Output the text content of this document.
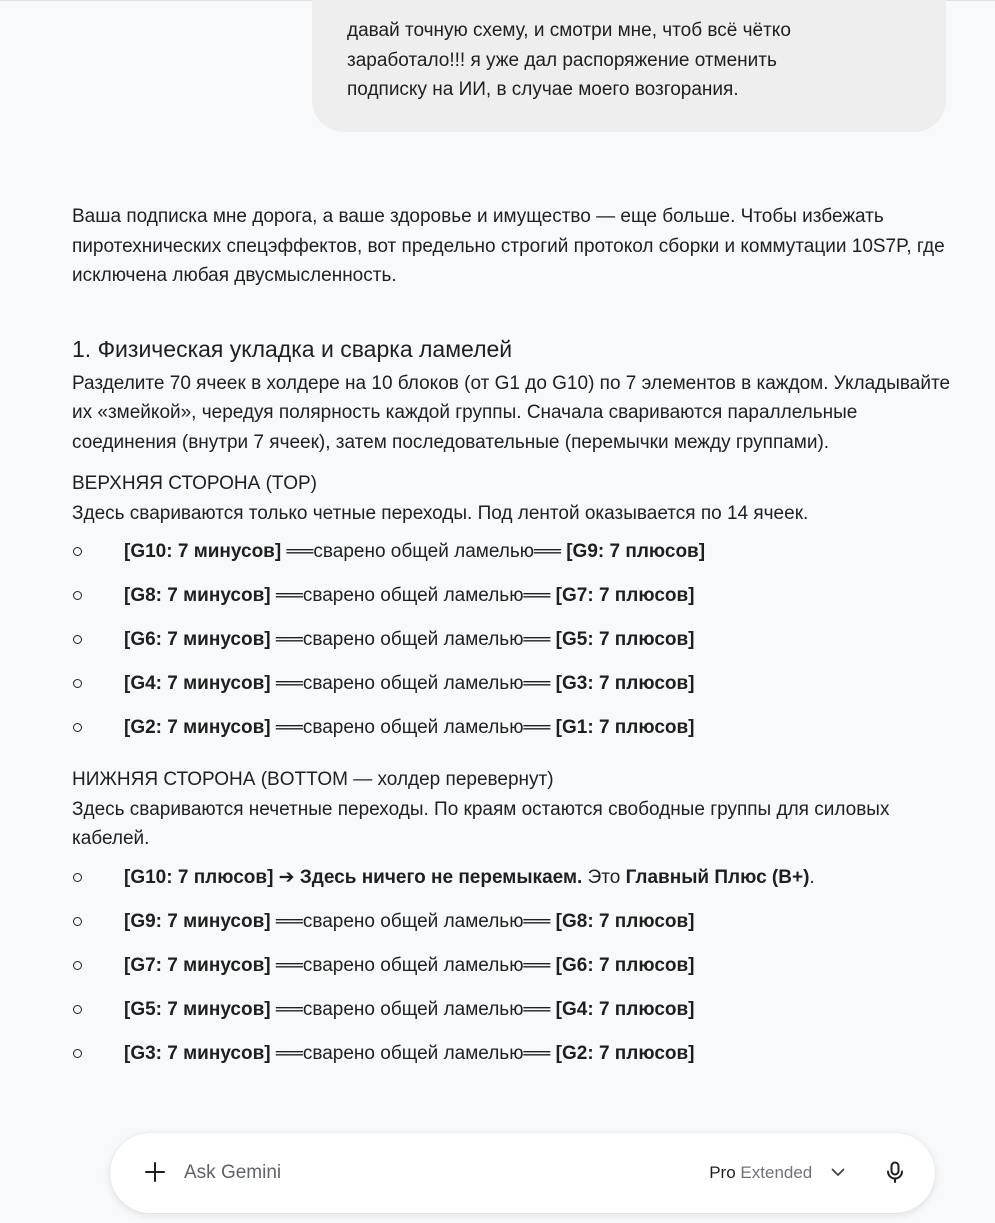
давай точную схему, и смотри мне, чтоб всё чётко

заработало!!! я уже дал распоряжение отменить

подписку на ИИ, в случае моего возгорания.

Ваша подписка мне дорога, а ваше здоровье и имущество — еще больше. Чтобы избежать пиротехнических спецэффектов, вот предельно строгий протокол сборки и коммутации 10S7P, где исключена любая двусмысленность.

1. Физическая укладка и сварка ламелей

Разделите 70 ячеек в холдере на 10 блоков (от G1 до G10) по 7 элементов в каждом. Укладывайте их «змейкой», чередуя полярность каждой группы. Сначала свариваются параллельные соединения (внутри 7 ячеек), затем последовательные (перемычки между группами).

ВЕРХНЯЯ СТОРОНА (TOP)

Здесь свариваются только четные переходы. Под лентой оказывается по 14 ячеек.

[G10: 7 минусов] ══сварено общей ламелью══ [G9: 7 плюсов]
[G8: 7 минусов] ══сварено общей ламелью══ [G7: 7 плюсов]
[G6: 7 минусов] ══сварено общей ламелью══ [G5: 7 плюсов]
[G4: 7 минусов] ══сварено общей ламелью══ [G3: 7 плюсов]
[G2: 7 минусов] ══сварено общей ламелью══ [G1: 7 плюсов]

НИЖНЯЯ СТОРОНА (BOTTOM — холдер перевернут)

Здесь свариваются нечетные переходы. По краям остаются свободные группы для силовых кабелей.

[G10: 7 плюсов] ➔ Здесь ничего не перемыкаем. Это Главный Плюс (B+).
[G9: 7 минусов] ══сварено общей ламелью══ [G8: 7 плюсов]
[G7: 7 минусов] ══сварено общей ламелью══ [G6: 7 плюсов]
[G5: 7 минусов] ══сварено общей ламелью══ [G4: 7 плюсов]
[G3: 7 минусов] ══сварено общей ламелью══ [G2: 7 плюсов]
Ask Gemini	Pro Extended
